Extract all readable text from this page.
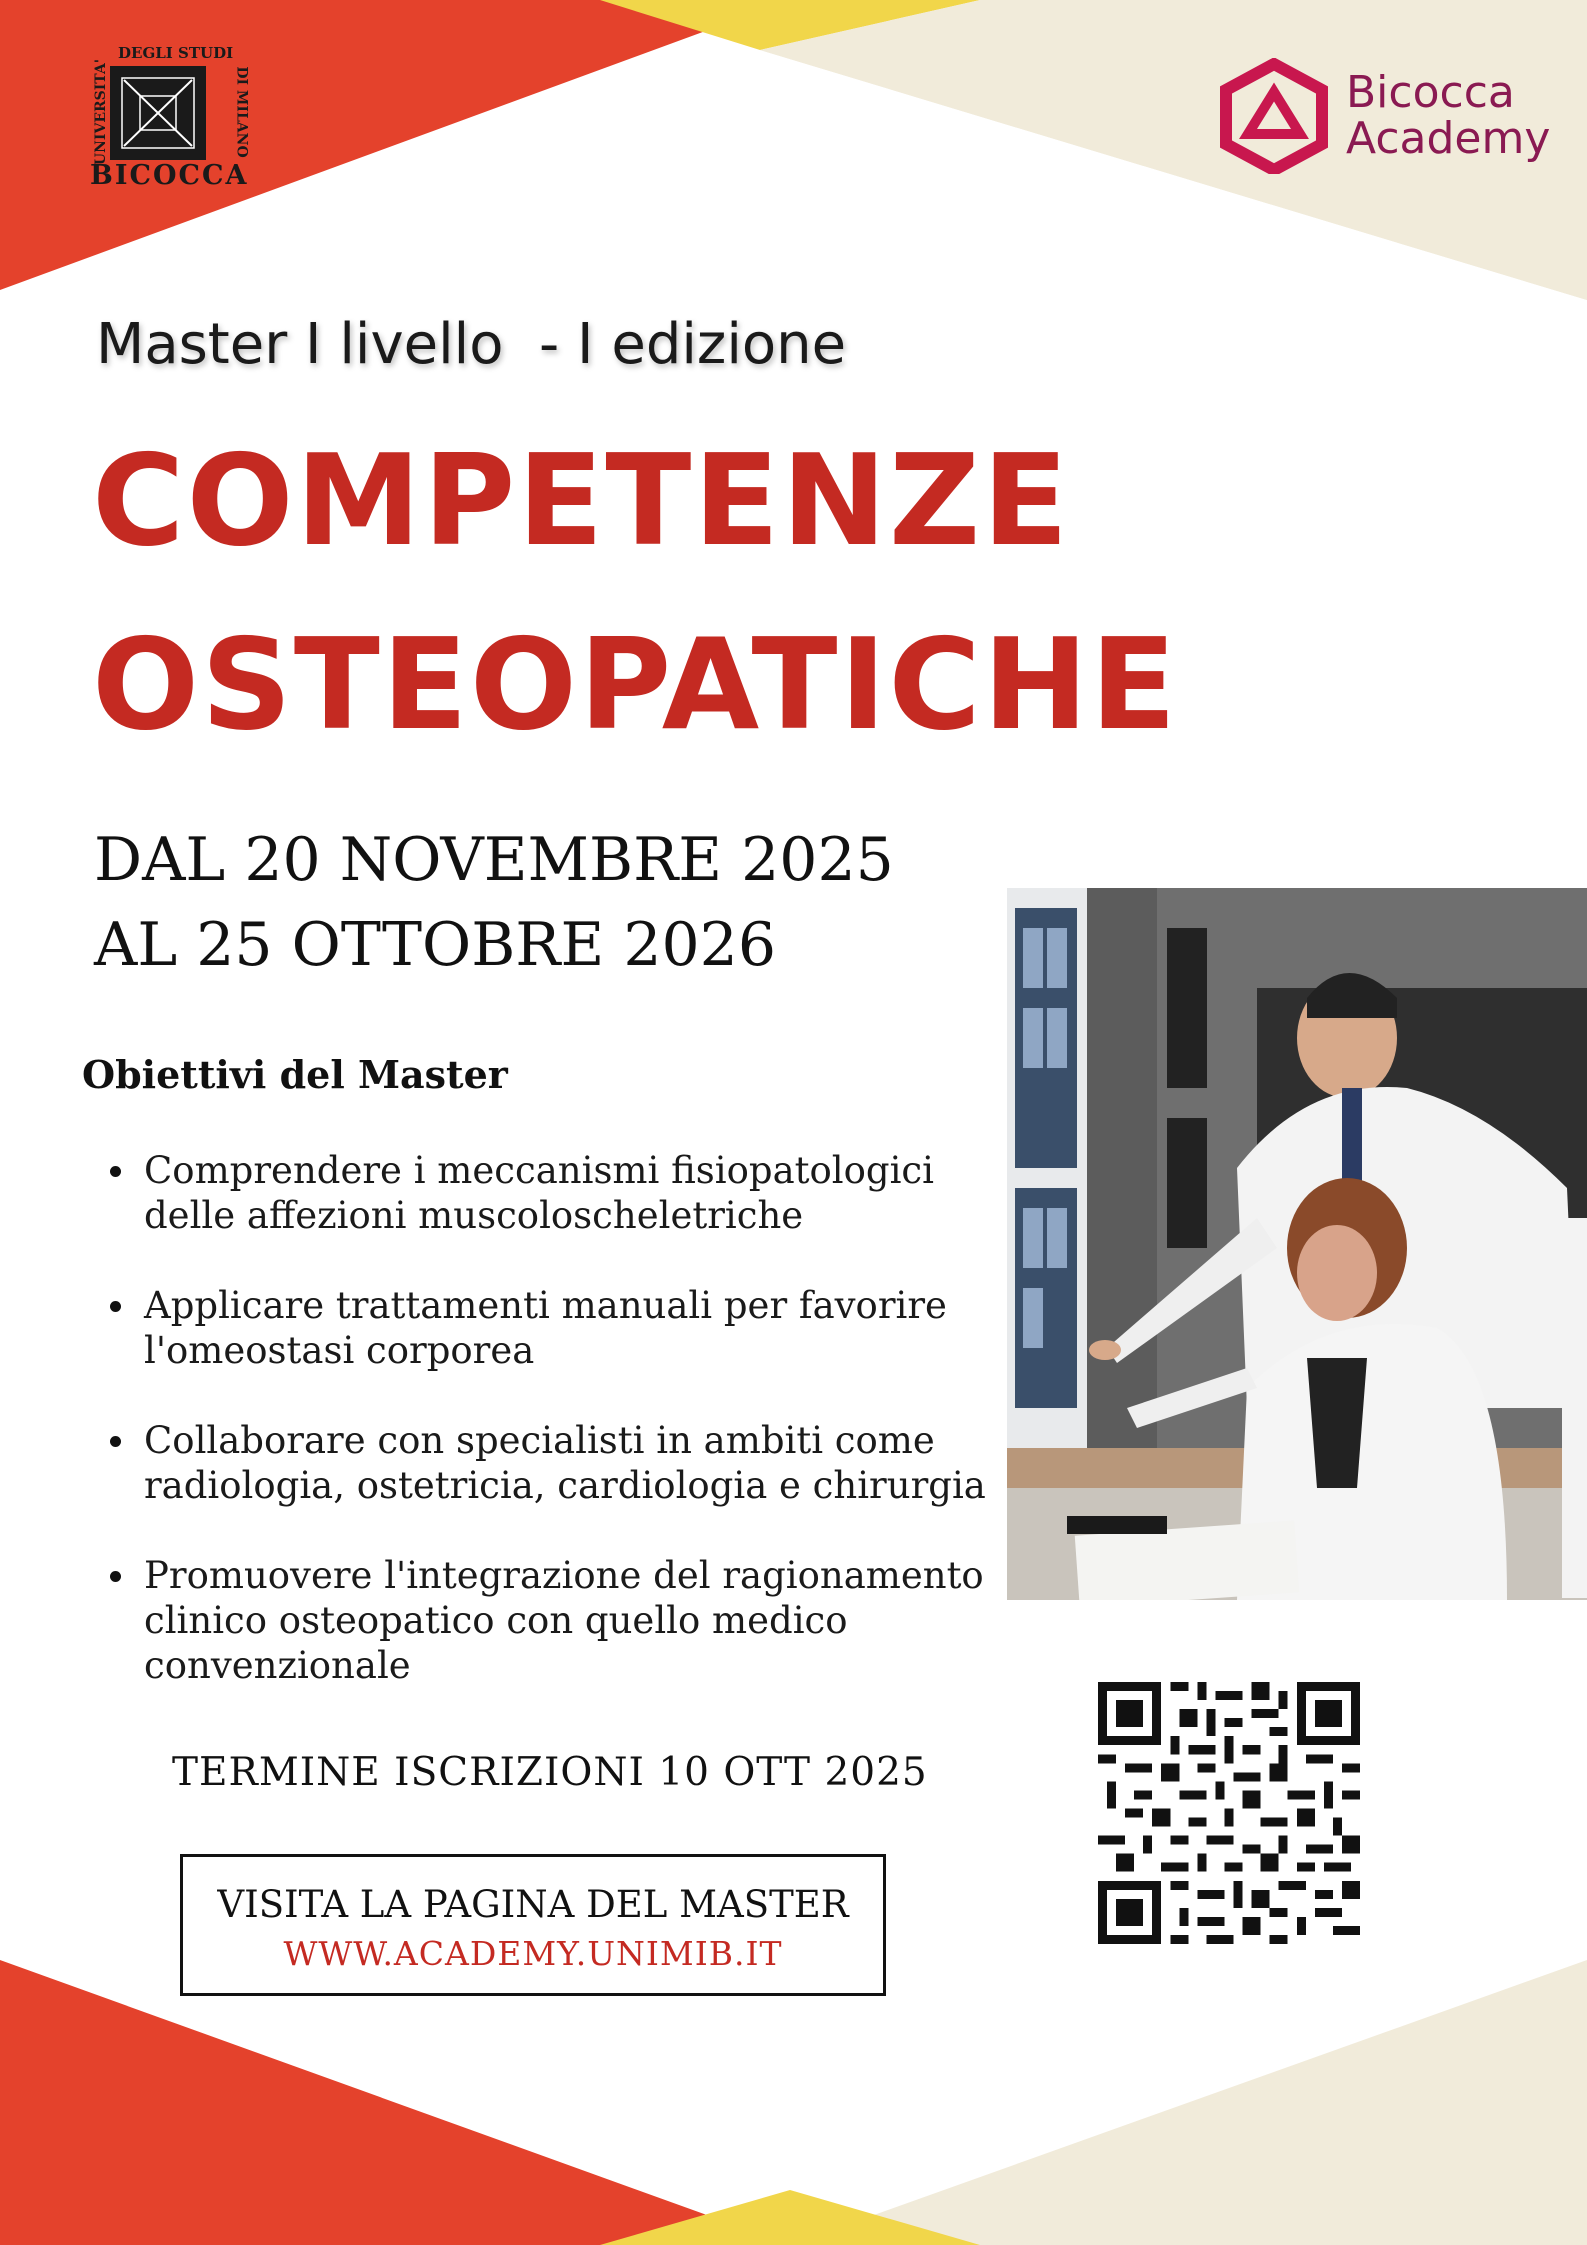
DEGLI STUDI
UNIVERSITA'	DI MILANO
BICOCCA
Bicocca
Academy
Master I livello  - I edizione
COMPETENZE
OSTEOPATICHE
DAL 20 NOVEMBRE 2025
AL 25 OTTOBRE 2026
Obiettivi del Master
Comprendere i meccanismi fisiopatologici
delle affezioni muscoloscheletriche
Applicare trattamenti manuali per favorire
l'omeostasi corporea
Collaborare con specialisti in ambiti come
radiologia, ostetricia, cardiologia e chirurgia
Promuovere l'integrazione del ragionamento
clinico osteopatico con quello medico
convenzionale
TERMINE ISCRIZIONI 10 OTT 2025
VISITA LA PAGINA DEL MASTER
WWW.ACADEMY.UNIMIB.IT
